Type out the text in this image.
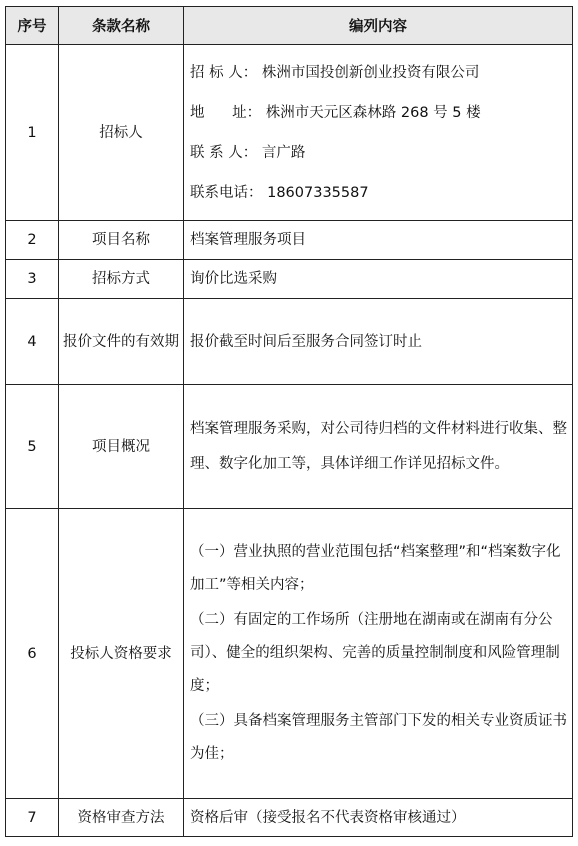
序号	条款名称	编列内容
1	招标人	招 标 人： 株洲市国投创新创业投资有限公司
地      址： 株洲市天元区森林路 268 号 5 楼
联 系 人： 言广路
联系电话： 18607335587

2	项目名称	档案管理服务项目
3	招标方式	询价比选采购
4	报价文件的有效期	报价截至时间后至服务合同签订时止
5	项目概况	档案管理服务采购，对公司待归档的文件材料进行收集、整理、数字化加工等，具体详细工作详见招标文件。
6	投标人资格要求	（一）营业执照的营业范围包括“档案整理”和“档案数字化加工”等相关内容；
（二）有固定的工作场所（注册地在湖南或在湖南有分公司）、健全的组织架构、完善的质量控制制度和风险管理制度；
（三）具备档案管理服务主管部门下发的相关专业资质证书为佳；

7	资格审查方法	资格后审（接受报名不代表资格审核通过）
